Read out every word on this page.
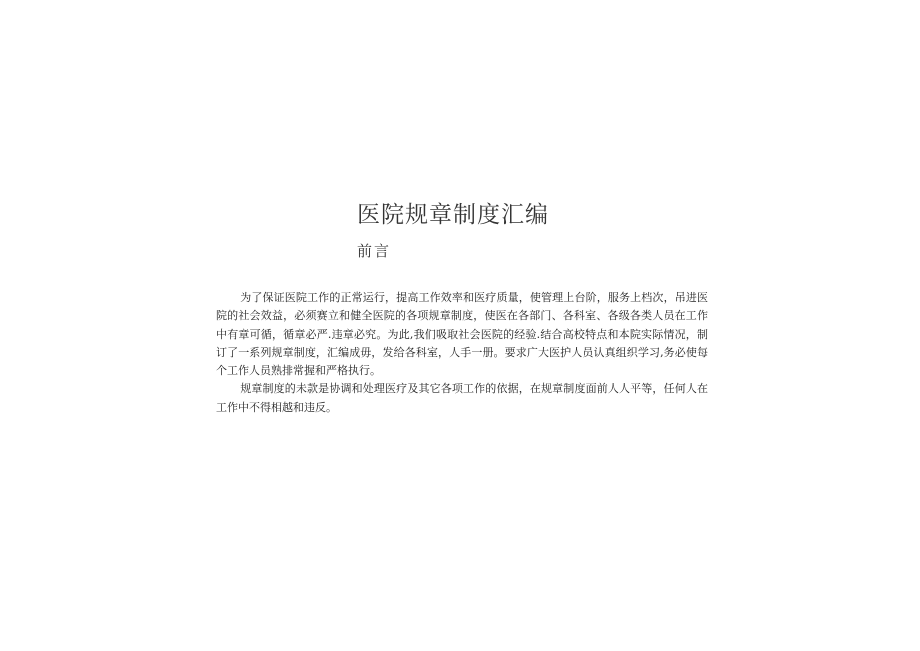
医院规章制度汇编
前言

为了保证医院工作的正常运行，提高工作效率和医疗质量，使管理上台阶，服务上档次，吊进医院的社会效益，必须赛立和健全医院的各项规章制度，使医在各部门、各科室、各级各类人员在工作中有章可循，循章必严.违章必究。为此,我们吸取社会医院的经验.结合高校特点和本院实际情况，制订了一系列规章制度，汇编成毋，发给各科室，人手一册。要求广大医护人员认真组织学习,务必使每个工作人员熟排常握和严格执行。

规章制度的未款是协调和处理医疗及其它各项工作的依据，在规章制度面前人人平等，任何人在工作中不得相越和违反。
